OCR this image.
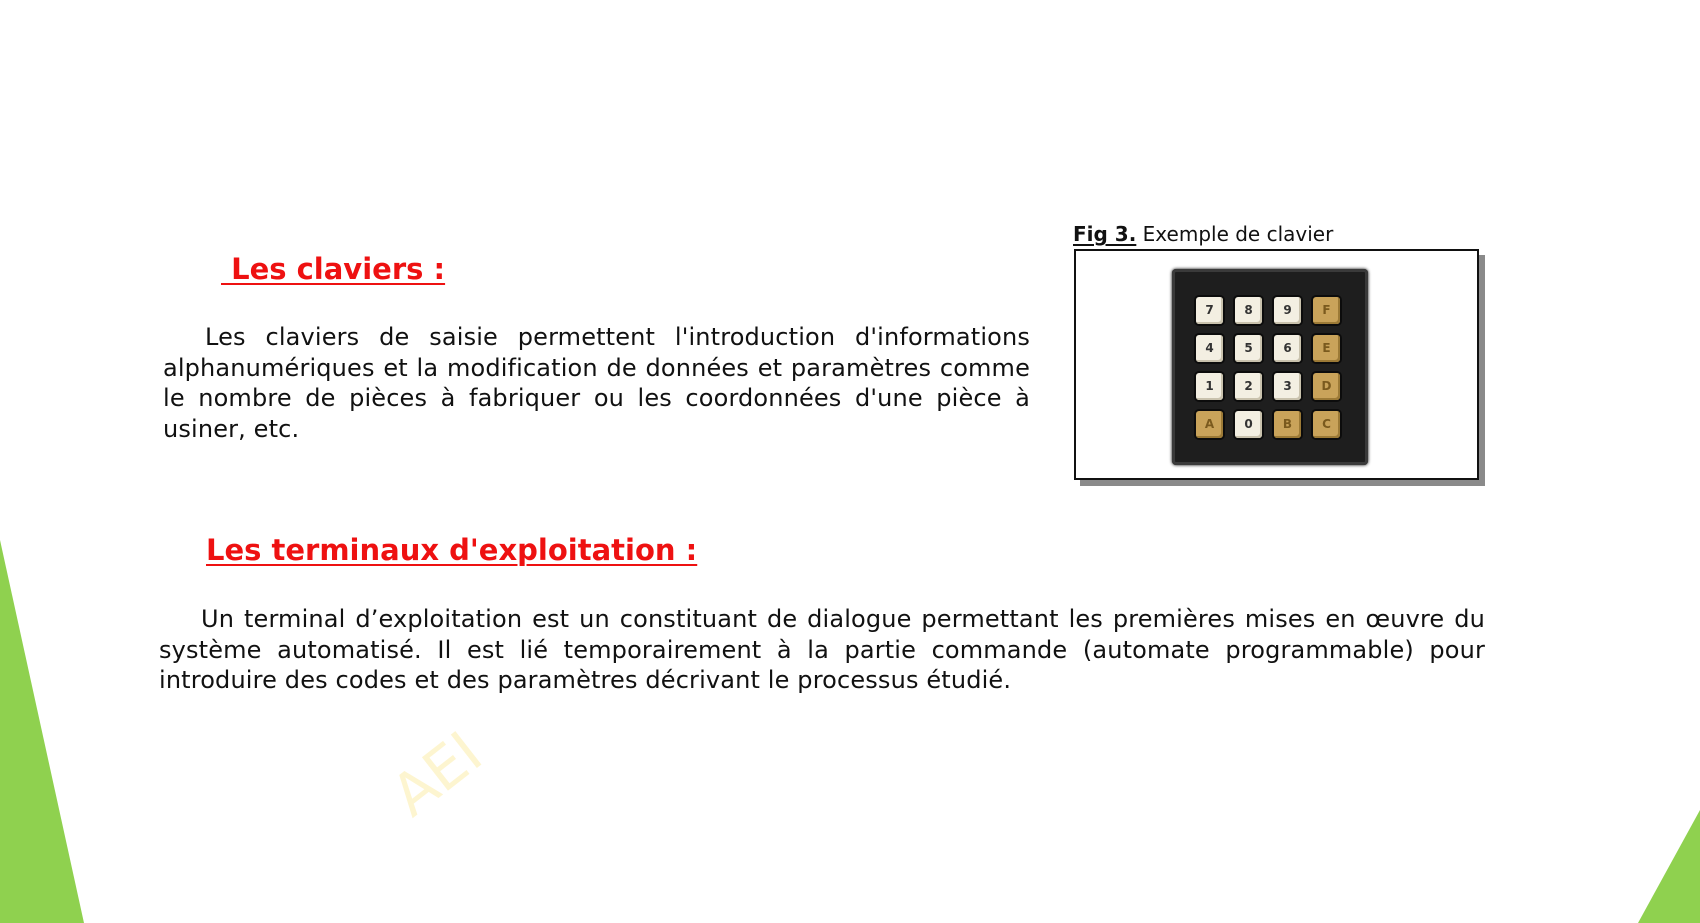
Les claviers :
Les claviers de saisie permettent l'introduction d'informations alphanumériques et la modification de données et paramètres comme le nombre de pièces à fabriquer ou les coordonnées d'une pièce à usiner, etc.
Fig 3. Exemple de clavier
7	8	9	F
4	5	6	E
1	2	3	D
A	0	B	C
Les terminaux d'exploitation :
Un terminal d’exploitation est un constituant de dialogue permettant les premières mises en œuvre du système automatisé. Il est lié temporairement à la partie commande (automate programmable) pour introduire des codes et des paramètres décrivant le processus étudié.
AEI
